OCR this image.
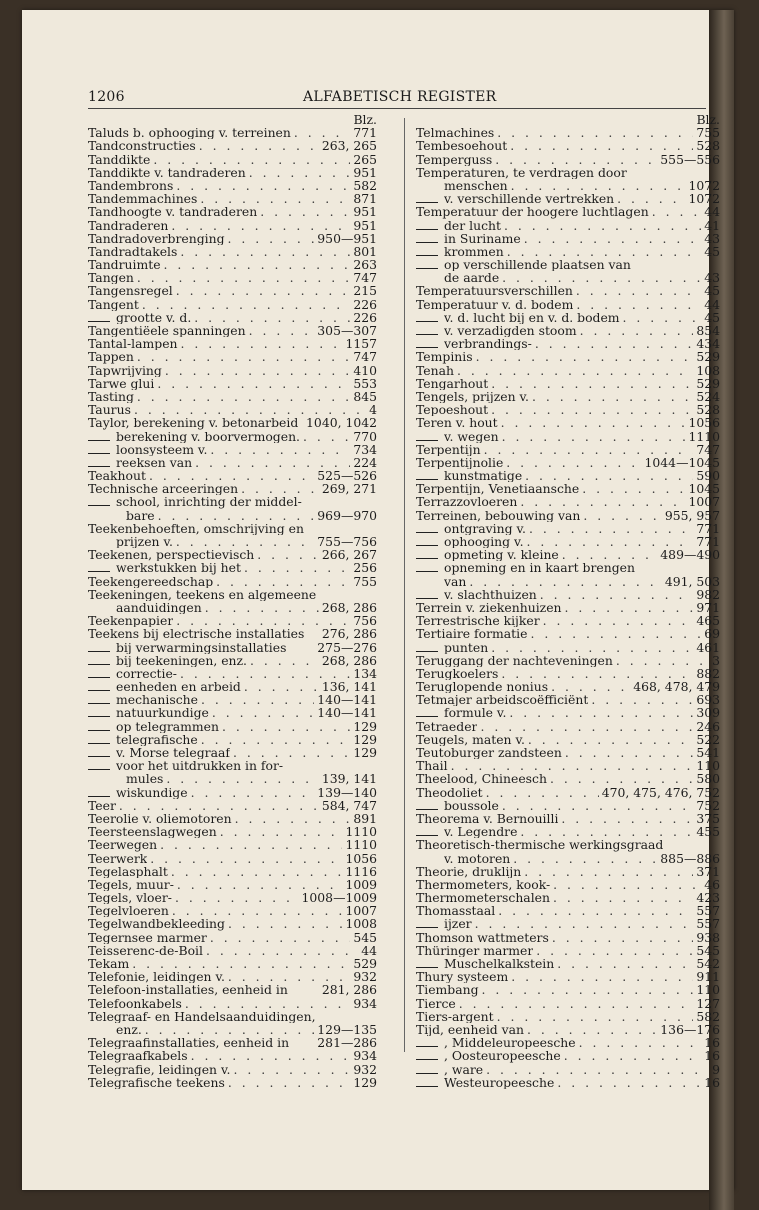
1206	ALFABETISCH REGISTER
Blz.
Taluds b. ophooging v. terreinen . . .	771
Tandconstructies . . .	263, 265
Tanddikte . . .	265
Tanddikte v. tandraderen . . .	951
Tandembrons . . .	582
Tandemmachines . . .	871
Tandhoogte v. tandraderen . . .	951
Tandraderen . . .	951
Tandradoverbrenging . . .	950—951
Tandradtakels . . .	801
Tandruimte . . .	263
Tangen . . .	747
Tangensregel . . .	215
Tangent . . .	226
grootte v. d. . . .	226
Tangentiëele spanningen . . .	305—307
Tantal-lampen . . .	1157
Tappen . . .	747
Tapwrijving . . .	410
Tarwe glui . . .	553
Tasting . . .	845
Taurus . . .	4
Taylor, berekening v. betonarbeid 1040, 1042
berekening v. boorvermogen. . . .	770
loonsysteem v. . . .	734
reeksen van . . .	224
Teakhout . . .	525—526
Technische arceeringen . . .	269, 271
school, inrichting der middel-
bare . . .	969—970
Teekenbehoeften, omschrijving en
prijzen v. . . .	755—756
Teekenen, perspectievisch . . .	266, 267
werkstukken bij het . . .	256
Teekengereedschap . . .	755
Teekeningen, teekens en algemeene
aanduidingen . . .	268, 286
Teekenpapier . . .	756
Teekens bij electrische installaties 276, 286
bij verwarmingsinstallaties 275—276
bij teekeningen, enz. . . .	268, 286
correctie- . . .	134
eenheden en arbeid . . .	136, 141
mechanische . . .	140—141
natuurkundige . . .	140—141
op telegrammen . . .	129
telegrafische . . .	129
v. Morse telegraaf . . .	129
voor het uitdrukken in for-
mules . . .	139, 141
wiskundige . . .	139—140
Teer . . .	584, 747
Teerolie v. oliemotoren . . .	891
Teersteenslagwegen . . .	1110
Teerwegen . . .	1110
Teerwerk . . .	1056
Tegelasphalt . . .	1116
Tegels, muur- . . .	1009
Tegels, vloer- . . .	1008—1009
Tegelvloeren . . .	1007
Tegelwandbekleeding . . .	1008
Tegernsee marmer . . .	545
Teisserenc-de-Boil . . .	44
Tekam . . .	529
Telefonie, leidingen v. . . .	932
Telefoon-installaties, eenheid in	281, 286
Telefoonkabels . . .	934
Telegraaf- en Handelsaanduidingen,
enz. . . .	129—135
Telegraafinstallaties, eenheid in 281—286
Telegraafkabels . . .	934
Telegrafie, leidingen v. . . .	932
Telegrafische teekens . . .	129
Blz.
Telmachines . . .	755
Tembesoehout . . .	528
Temperguss . . .	555—556
Temperaturen, te verdragen door
menschen . . .	1072
v. verschillende vertrekken . . .	1072
Temperatuur der hoogere luchtlagen . . .	44
der lucht . . .	41
in Suriname . . .	43
krommen . . .	45
op verschillende plaatsen van
de aarde . . .	43
Temperatuursverschillen . . .	45
Temperatuur v. d. bodem . . .	44
v. d. lucht bij en v. d. bodem . . .	45
v. verzadigden stoom . . .	854
verbrandings- . . .	434
Tempinis . . .	529
Tenah . . .	108
Tengarhout . . .	529
Tengels, prijzen v. . . .	524
Tepoeshout . . .	528
Teren v. hout . . .	1056
v. wegen . . .	1110
Terpentijn . . .	747
Terpentijnolie . . .	1044—1045
kunstmatige . . .	590
Terpentijn, Venetiaansche . . .	1045
Terrazzovloeren . . .	1007
Terreinen, bebouwing van . . .	955, 957
ontgraving v. . . .	771
ophooging v. . . .	771
opmeting v. kleine . . .	489—490
opneming en in kaart brengen
van . . .	491, 503
v. slachthuizen . . .	982
Terrein v. ziekenhuizen . . .	971
Terrestrische kijker . . .	465
Tertiaire formatie . . .	69
punten . . .	461
Teruggang der nachteveningen . . .	3
Terugkoelers . . .	882
Teruglopende nonius . . .	468, 478, 479
Tetmajer arbeidscoëfficiënt . . .	693
formule v. . . .	309
Tetraeder . . .	246
Teugels, maten v. . . .	522
Teutoburger zandsteen . . .	541
Thail . . .	110
Theelood, Chineesch . . .	580
Theodoliet . . .	470, 475, 476, 752
boussole . . .	752
Theorema v. Bernouilli . . .	375
v. Legendre . . .	455
Theoretisch-thermische werkingsgraad
v. motoren . . .	885—886
Theorie, druklijn . . .	371
Thermometers, kook- . . .	46
Thermometerschalen . . .	423
Thomasstaal . . .	557
ijzer . . .	557
Thomson wattmeters . . .	938
Thüringer marmer . . .	545
Muschelkalkstein . . .	542
Thury systeem . . .	911
Tiembang . . .	110
Tierce . . .	127
Tiers-argent . . .	582
Tijd, eenheid van . . .	136—176
, Middeleuropeesche . . .	16
, Oosteuropeesche . . .	16
, ware . . .	9
Westeuropeesche . . .	16
